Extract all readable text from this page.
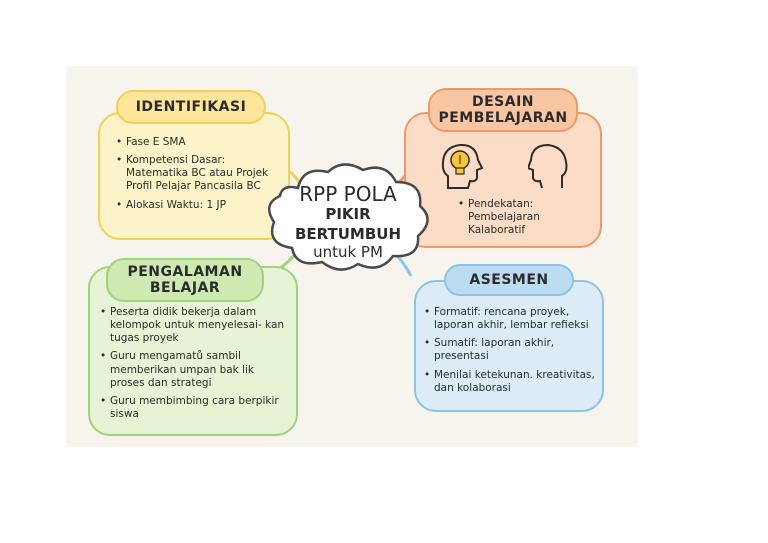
IDENTIFIKASI
• Fase E SMA
• Kompetensi Dasar: Matematika BC atau Projek Profil Pelajar Pancasila BC
• Alokasi Waktu: 1 JP
DESAIN
PEMBELAJARAN
• Pendekatan: Pembelajaran Kalaboratif
RPP POLA
PIKIR BERTUMBUH
untuk PM
PENGALAMAN
BELAJAR
• Peserta didik bekerja dalam kelompok untuk menyelesai- kan tugas proyek
• Guru mengamatů sambil memberikan umpan bak lik proses dan strategi
• Guru membimbing cara berpikir siswa
ASESMEN
• Formatif: rencana proyek, laporan akhir, lembar refieksi
• Sumatif: laporan akhir, presentasi
• Menilai ketekunan. kreativitas, dan kolaborasi
